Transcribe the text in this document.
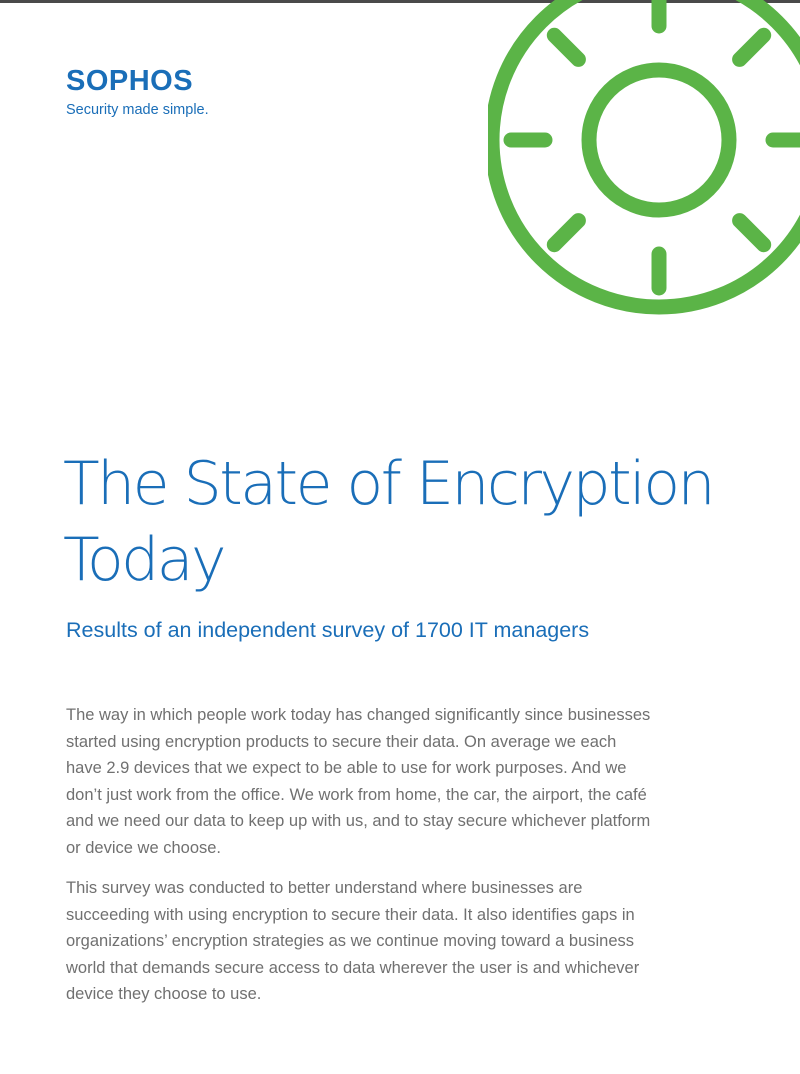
SOPHOS

Security made simple.

The State of Encryption
Today
Results of an independent survey of 1700 IT managers

The way in which people work today has changed significantly since businesses started using encryption products to secure their data. On average we each have 2.9 devices that we expect to be able to use for work purposes. And we don’t just work from the office. We work from home, the car, the airport, the café and we need our data to keep up with us, and to stay secure whichever platform or device we choose.

This survey was conducted to better understand where businesses are succeeding with using encryption to secure their data. It also identifies gaps in organizations’ encryption strategies as we continue moving toward a business world that demands secure access to data wherever the user is and whichever device they choose to use.
